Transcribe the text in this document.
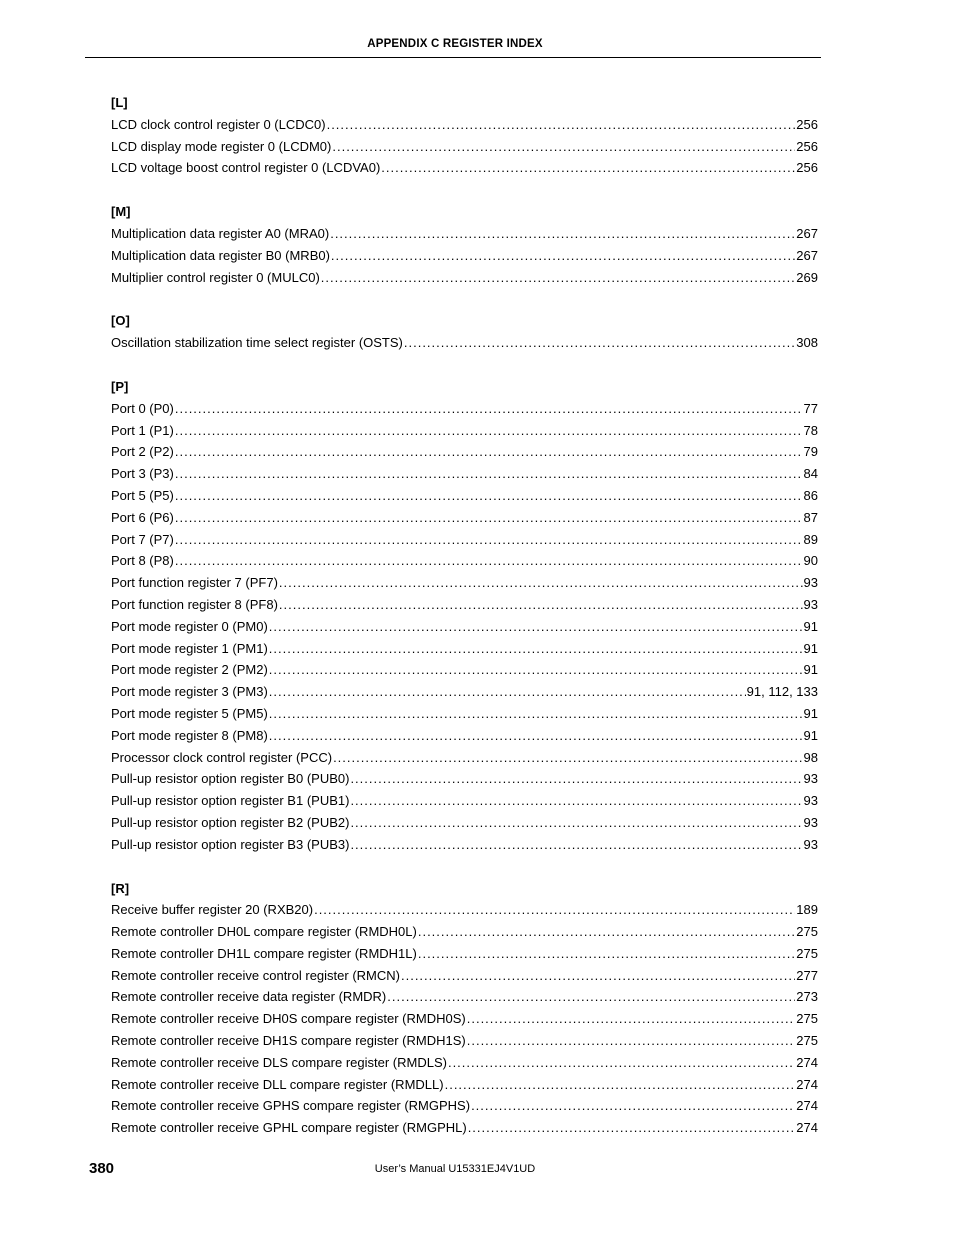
APPENDIX C REGISTER INDEX
[L]
LCD clock control register 0 (LCDC0) .....	256
LCD display mode register 0 (LCDM0) .....	256
LCD voltage boost control register 0 (LCDVA0) .....	256
[M]
Multiplication data register A0 (MRA0) .....	267
Multiplication data register B0 (MRB0) .....	267
Multiplier control register 0 (MULC0) .....	269
[O]
Oscillation stabilization time select register (OSTS) .....	308
[P]
Port 0 (P0) .....	77
Port 1 (P1) .....	78
Port 2 (P2) .....	79
Port 3 (P3) .....	84
Port 5 (P5) .....	86
Port 6 (P6) .....	87
Port 7 (P7) .....	89
Port 8 (P8) .....	90
Port function register 7 (PF7) .....	93
Port function register 8 (PF8) .....	93
Port mode register 0 (PM0) .....	91
Port mode register 1 (PM1) .....	91
Port mode register 2 (PM2) .....	91
Port mode register 3 (PM3) .....	91, 112, 133
Port mode register 5 (PM5) .....	91
Port mode register 8 (PM8) .....	91
Processor clock control register (PCC) .....	98
Pull-up resistor option register B0 (PUB0) .....	93
Pull-up resistor option register B1 (PUB1) .....	93
Pull-up resistor option register B2 (PUB2) .....	93
Pull-up resistor option register B3 (PUB3) .....	93
[R]
Receive buffer register 20 (RXB20) .....	189
Remote controller DH0L compare register (RMDH0L) .....	275
Remote controller DH1L compare register (RMDH1L) .....	275
Remote controller receive control register (RMCN) .....	277
Remote controller receive data register (RMDR) .....	273
Remote controller receive DH0S compare register (RMDH0S) .....	275
Remote controller receive DH1S compare register (RMDH1S) .....	275
Remote controller receive DLS compare register (RMDLS) .....	274
Remote controller receive DLL compare register (RMDLL) .....	274
Remote controller receive GPHS compare register (RMGPHS) .....	274
Remote controller receive GPHL compare register (RMGPHL) .....	274
380	User’s Manual U15331EJ4V1UD
